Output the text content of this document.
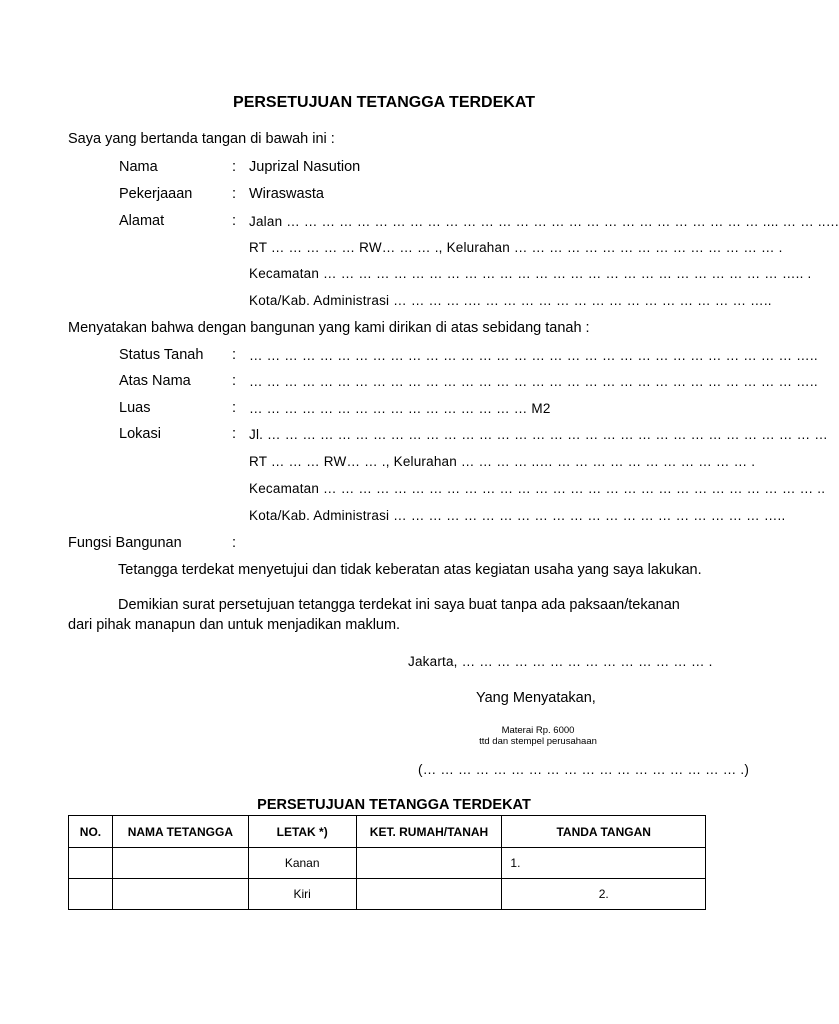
PERSETUJUAN TETANGGA TERDEKAT
Saya yang bertanda tangan di bawah ini :
Nama	: Juprizal Nasution
Pekerjaaan	: Wiraswasta
Alamat	: Jalan … … … … … … … … … … … … … … … … … … … … … … … … … … … .... … … ..…
RT … … … … … RW… … … ., Kelurahan … … … … … … … … … … … … … … … .
Kecamatan … … … … … … … … … … … … … … … … … … … … … … … … … … ….. .
Kota/Kab. Administrasi … … … … .… … … … … … … … … … … … … … … … …..
Menyatakan bahwa dengan bangunan yang kami dirikan di atas sebidang tanah :
Status Tanah : … … … … … … … … … … … … … … … … … … … … … … … … … … … … … … … …..
Atas Nama	: … … … … … … … … … … … … … … … … … … … … … … … … … … … … … … … …..
Luas	: … … … … … … … … … … … … … … … … M2
Lokasi	: Jl. … … … … … … … … … … … … … … … … … … … … … … … … … … … … … … … …
RT … … … RW… … ., Kelurahan … … … … ..… … … … … … … … … … … … .
Kecamatan … … … … … … … … … … … … … … … … … … … … … … … … … … … … ..
Kota/Kab. Administrasi … … … … … … … … … … … … … … … … … … … … … …..
Fungsi Bangunan	:
Tetangga terdekat menyetujui dan tidak keberatan atas kegiatan usaha yang saya lakukan.
Demikian surat persetujuan tetangga terdekat ini saya buat tanpa ada paksaan/tekanan
dari pihak manapun dan untuk menjadikan maklum.
Jakarta, … … … … … … … … … … … … … … .
Yang Menyatakan,
Materai Rp. 6000
ttd dan stempel perusahaan
(… … … … … … … … … … … … … … … … … … .)
PERSETUJUAN TETANGGA TERDEKAT
NO.	NAMA TETANGGA	LETAK *)	KET. RUMAH/TANAH	TANDA TANGAN
		Kanan		1.
		Kiri		2.
